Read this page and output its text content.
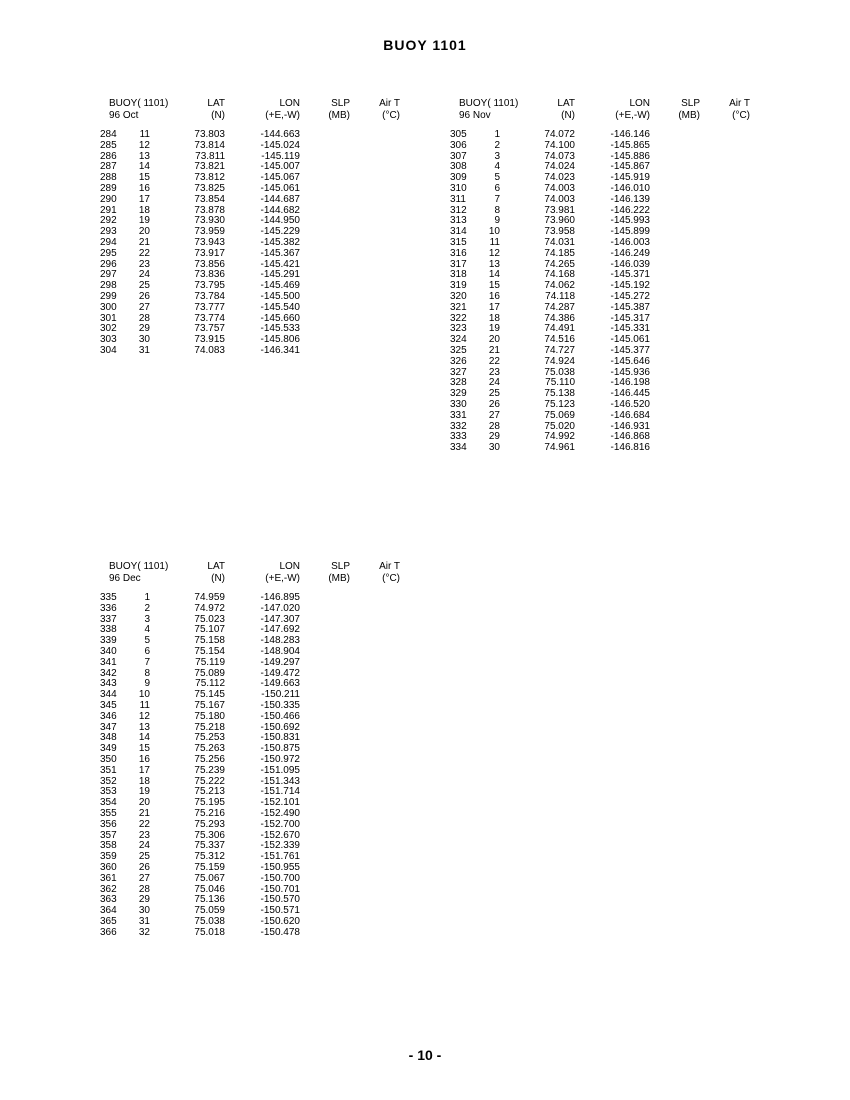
BUOY 1101
BUOY( 1101)	LAT	LON	SLP	Air T
96 Oct	(N)	(+E,-W)	(MB)	(°C)
284	11	73.803	-144.663
285	12	73.814	-145.024
286	13	73.811	-145.119
287	14	73.821	-145.007
288	15	73.812	-145.067
289	16	73.825	-145.061
290	17	73.854	-144.687
291	18	73.878	-144.682
292	19	73.930	-144.950
293	20	73.959	-145.229
294	21	73.943	-145.382
295	22	73.917	-145.367
296	23	73.856	-145.421
297	24	73.836	-145.291
298	25	73.795	-145.469
299	26	73.784	-145.500
300	27	73.777	-145.540
301	28	73.774	-145.660
302	29	73.757	-145.533
303	30	73.915	-145.806
304	31	74.083	-146.341
BUOY( 1101)	LAT	LON	SLP	Air T
96 Nov	(N)	(+E,-W)	(MB)	(°C)
305	1	74.072	-146.146
306	2	74.100	-145.865
307	3	74.073	-145.886
308	4	74.024	-145.867
309	5	74.023	-145.919
310	6	74.003	-146.010
311	7	74.003	-146.139
312	8	73.981	-146.222
313	9	73.960	-145.993
314	10	73.958	-145.899
315	11	74.031	-146.003
316	12	74.185	-146.249
317	13	74.265	-146.039
318	14	74.168	-145.371
319	15	74.062	-145.192
320	16	74.118	-145.272
321	17	74.287	-145.387
322	18	74.386	-145.317
323	19	74.491	-145.331
324	20	74.516	-145.061
325	21	74.727	-145.377
326	22	74.924	-145.646
327	23	75.038	-145.936
328	24	75.110	-146.198
329	25	75.138	-146.445
330	26	75.123	-146.520
331	27	75.069	-146.684
332	28	75.020	-146.931
333	29	74.992	-146.868
334	30	74.961	-146.816
BUOY( 1101)	LAT	LON	SLP	Air T
96 Dec	(N)	(+E,-W)	(MB)	(°C)
335	1	74.959	-146.895
336	2	74.972	-147.020
337	3	75.023	-147.307
338	4	75.107	-147.692
339	5	75.158	-148.283
340	6	75.154	-148.904
341	7	75.119	-149.297
342	8	75.089	-149.472
343	9	75.112	-149.663
344	10	75.145	-150.211
345	11	75.167	-150.335
346	12	75.180	-150.466
347	13	75.218	-150.692
348	14	75.253	-150.831
349	15	75.263	-150.875
350	16	75.256	-150.972
351	17	75.239	-151.095
352	18	75.222	-151.343
353	19	75.213	-151.714
354	20	75.195	-152.101
355	21	75.216	-152.490
356	22	75.293	-152.700
357	23	75.306	-152.670
358	24	75.337	-152.339
359	25	75.312	-151.761
360	26	75.159	-150.955
361	27	75.067	-150.700
362	28	75.046	-150.701
363	29	75.136	-150.570
364	30	75.059	-150.571
365	31	75.038	-150.620
366	32	75.018	-150.478
- 10 -
